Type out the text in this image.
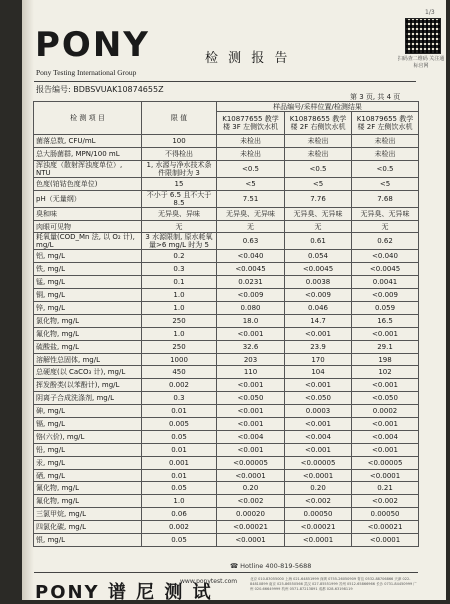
1/3
扫码查二维码 关注通标官网
PONY
Pony Testing International Group
检 测 报 告
报告编号: BDBSVUAK10874655Z
第 3 页, 共 4 页
检 测 项 目	限 值	样品编号/采样位置/检测结果		
		K10877655 教学楼 3F 左侧饮水机	K10878655 教学楼 2F 右侧饮水机	K10879655 教学楼 2F 左侧饮水机
菌落总数, CFU/mL	100	未检出	未检出	未检出
总大肠菌群, MPN/100 mL	不得检出	未检出	未检出	未检出
浑浊度（散射浑浊度单位）, NTU	1, 水源与净水技术条件限制时为 3	<0.5	<0.5	<0.5
色度(铂钴色度单位)	15	<5	<5	<5
pH（无量纲）	不小于 6.5 且不大于 8.5	7.51	7.76	7.68
臭和味	无异臭、异味	无异臭、无异味	无异臭、无异味	无异臭、无异味
肉眼可见物	无	无	无	无
耗氧量(COD_Mn 法, 以 O₂ 计), mg/L	3 水源限制, 原水耗氧量>6 mg/L 时为 5	0.63	0.61	0.62
铝, mg/L	0.2	<0.040	0.054	<0.040
铁, mg/L	0.3	<0.0045	<0.0045	<0.0045
锰, mg/L	0.1	0.0231	0.0038	0.0041
铜, mg/L	1.0	<0.009	<0.009	<0.009
锌, mg/L	1.0	0.080	0.046	0.059
氯化物, mg/L	250	18.0	14.7	16.5
氟化物, mg/L	1.0	<0.001	<0.001	<0.001
硫酸盐, mg/L	250	32.6	23.9	29.1
溶解性总固体, mg/L	1000	203	170	198
总硬度(以 CaCO₃ 计), mg/L	450	110	104	102
挥发酚类(以苯酚计), mg/L	0.002	<0.001	<0.001	<0.001
阴离子合成洗涤剂, mg/L	0.3	<0.050	<0.050	<0.050
砷, mg/L	0.01	<0.001	0.0003	0.0002
镉, mg/L	0.005	<0.001	<0.001	<0.001
铬(六价), mg/L	0.05	<0.004	<0.004	<0.004
铅, mg/L	0.01	<0.001	<0.001	<0.001
汞, mg/L	0.001	<0.00005	<0.00005	<0.00005
硒, mg/L	0.01	<0.0001	<0.0001	<0.0001
氰化物, mg/L	0.05	0.20	0.20	0.21
氟化物, mg/L	1.0	<0.002	<0.002	<0.002
三氯甲烷, mg/L	0.06	0.00020	0.00050	0.00050
四氯化碳, mg/L	0.002	<0.00021	<0.00021	<0.00021
银, mg/L	0.05	<0.0001	<0.0001	<0.0001
☎ Hotline 400-819-5688
PONY 谱 尼 测 试
www.ponytest.com	北京 010-83055000 上海 021-64851999 深圳 0755-26050909 青岛 0532-88706866 天津 022-84810899 南京 025-86550566 武汉 027-85551999 苏州 0512-65866966 长沙 0731-84450999 广州 020-66649999 杭州 0571-87213891 成都 028-63198119
